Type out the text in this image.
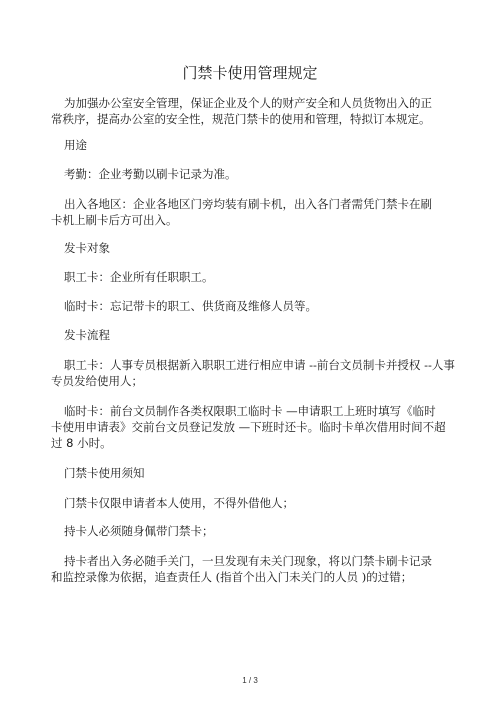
门禁卡使用管理规定
为加强办公室安全管理，保证企业及个人的财产安全和人员货物出入的正
常秩序，提高办公室的安全性，规范门禁卡的使用和管理，特拟订本规定。
用途
考勤：企业考勤以刷卡记录为准。
出入各地区：企业各地区门旁均装有刷卡机，出入各门者需凭门禁卡在刷
卡机上刷卡后方可出入。
发卡对象
职工卡：企业所有任职职工。
临时卡：忘记带卡的职工、供货商及维修人员等。
发卡流程
职工卡：人事专员根据新入职职工进行相应申请 --前台文员制卡并授权 --人事
专员发给使用人；
临时卡：前台文员制作各类权限职工临时卡 —申请职工上班时填写《临时
卡使用申请表》交前台文员登记发放 —下班时还卡。临时卡单次借用时间不超
过 8 小时。
门禁卡使用须知
门禁卡仅限申请者本人使用，不得外借他人；
持卡人必须随身佩带门禁卡；
持卡者出入务必随手关门，一旦发现有未关门现象，将以门禁卡刷卡记录
和监控录像为依据，追查责任人 (指首个出入门未关门的人员 )的过错；
1 / 3
